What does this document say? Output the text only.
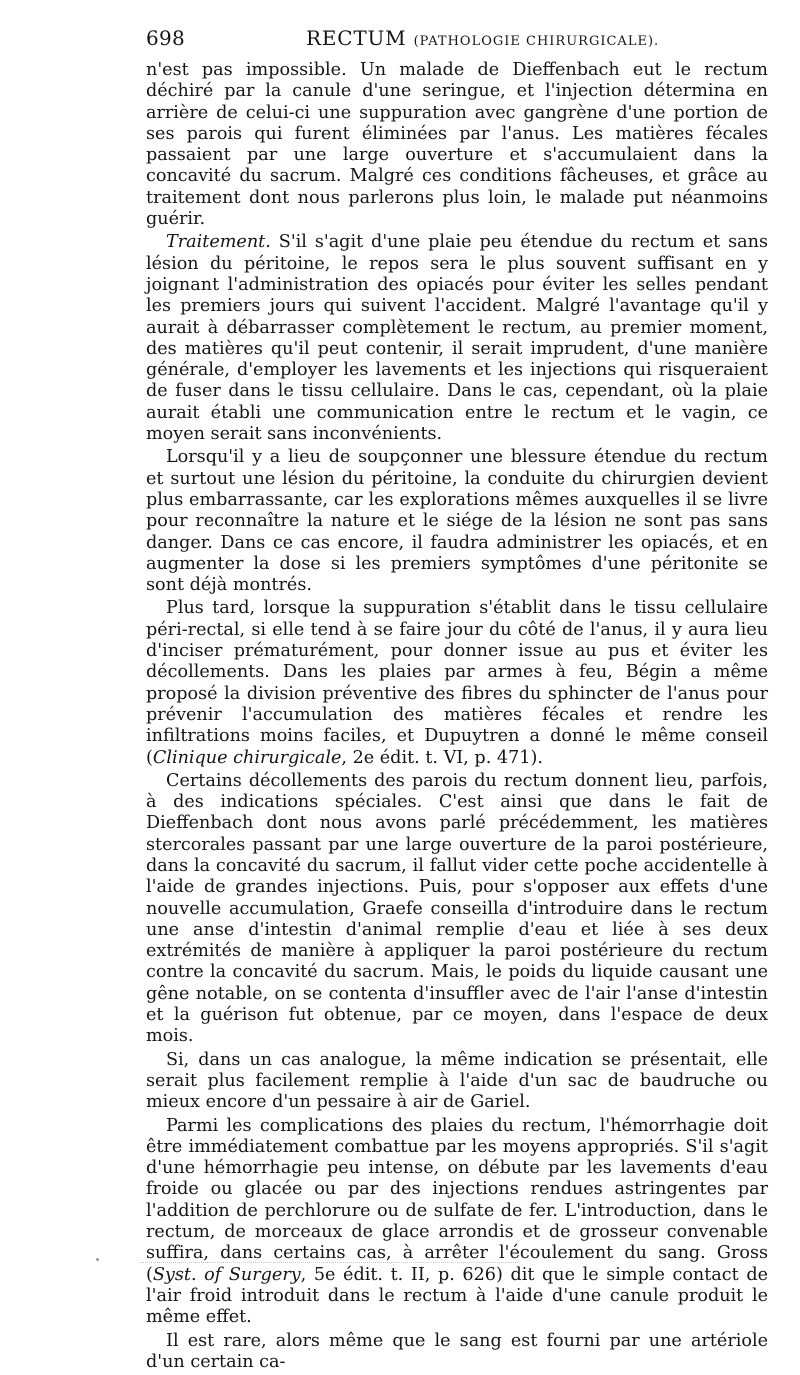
698	RECTUM (PATHOLOGIE CHIRURGICALE).

n'est pas impossible. Un malade de Dieffenbach eut le rectum déchiré par la canule d'une seringue, et l'injection détermina en arrière de celui-ci une suppuration avec gangrène d'une portion de ses parois qui furent éliminées par l'anus. Les matières fécales passaient par une large ouverture et s'accumulaient dans la concavité du sacrum. Malgré ces conditions fâcheuses, et grâce au traitement dont nous parlerons plus loin, le malade put néanmoins guérir.

Traitement. S'il s'agit d'une plaie peu étendue du rectum et sans lésion du péritoine, le repos sera le plus souvent suffisant en y joignant l'administration des opiacés pour éviter les selles pendant les premiers jours qui suivent l'accident. Malgré l'avantage qu'il y aurait à débarrasser complètement le rectum, au premier moment, des matières qu'il peut contenir, il serait imprudent, d'une manière générale, d'employer les lavements et les injections qui risqueraient de fuser dans le tissu cellulaire. Dans le cas, cependant, où la plaie aurait établi une communication entre le rectum et le vagin, ce moyen serait sans inconvénients.

Lorsqu'il y a lieu de soupçonner une blessure étendue du rectum et surtout une lésion du péritoine, la conduite du chirurgien devient plus embarrassante, car les explorations mêmes auxquelles il se livre pour reconnaître la nature et le siége de la lésion ne sont pas sans danger. Dans ce cas encore, il faudra administrer les opiacés, et en augmenter la dose si les premiers symptômes d'une péritonite se sont déjà montrés.

Plus tard, lorsque la suppuration s'établit dans le tissu cellulaire péri-rectal, si elle tend à se faire jour du côté de l'anus, il y aura lieu d'inciser prématurément, pour donner issue au pus et éviter les décollements. Dans les plaies par armes à feu, Bégin a même proposé la division préventive des fibres du sphincter de l'anus pour prévenir l'accumulation des matières fécales et rendre les infiltrations moins faciles, et Dupuytren a donné le même conseil (Clinique chirurgicale, 2e édit. t. VI, p. 471).

Certains décollements des parois du rectum donnent lieu, parfois, à des indications spéciales. C'est ainsi que dans le fait de Dieffenbach dont nous avons parlé précédemment, les matières stercorales passant par une large ouverture de la paroi postérieure, dans la concavité du sacrum, il fallut vider cette poche accidentelle à l'aide de grandes injections. Puis, pour s'opposer aux effets d'une nouvelle accumulation, Graefe conseilla d'introduire dans le rectum une anse d'intestin d'animal remplie d'eau et liée à ses deux extrémités de manière à appliquer la paroi postérieure du rectum contre la concavité du sacrum. Mais, le poids du liquide causant une gêne notable, on se contenta d'insuffler avec de l'air l'anse d'intestin et la guérison fut obtenue, par ce moyen, dans l'espace de deux mois.

Si, dans un cas analogue, la même indication se présentait, elle serait plus facilement remplie à l'aide d'un sac de baudruche ou mieux encore d'un pessaire à air de Gariel.

Parmi les complications des plaies du rectum, l'hémorrhagie doit être immédiatement combattue par les moyens appropriés. S'il s'agit d'une hémorrhagie peu intense, on débute par les lavements d'eau froide ou glacée ou par des injections rendues astringentes par l'addition de perchlorure ou de sulfate de fer. L'introduction, dans le rectum, de morceaux de glace arrondis et de grosseur convenable suffira, dans certains cas, à arrêter l'écoulement du sang. Gross (Syst. of Surgery, 5e édit. t. II, p. 626) dit que le simple contact de l'air froid introduit dans le rectum à l'aide d'une canule produit le même effet.

Il est rare, alors même que le sang est fourni par une artériole d'un certain ca-
